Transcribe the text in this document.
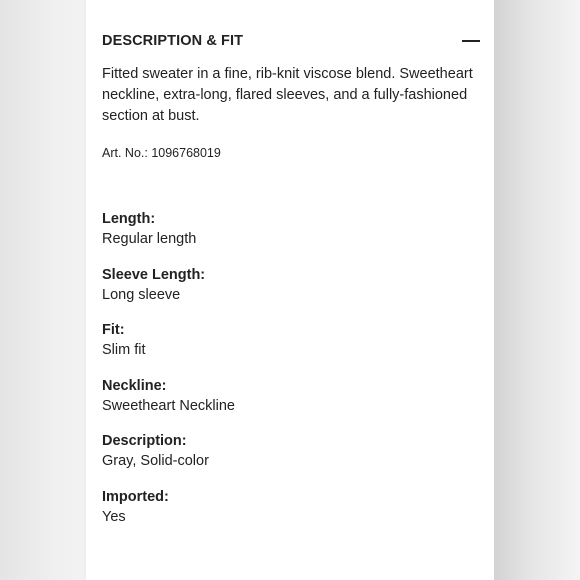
DESCRIPTION & FIT
Fitted sweater in a fine, rib-knit viscose blend. Sweetheart neckline, extra-long, flared sleeves, and a fully-fashioned section at bust.
Art. No.: 1096768019
Length:
Regular length
Sleeve Length:
Long sleeve
Fit:
Slim fit
Neckline:
Sweetheart Neckline
Description:
Gray, Solid-color
Imported:
Yes
